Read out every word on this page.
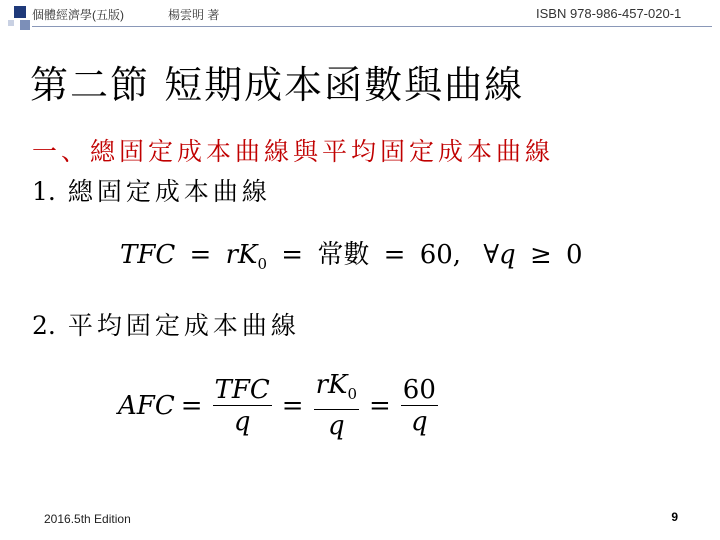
個體經濟學(五版)	楊雲明 著	ISBN 978-986-457-020-1
第二節 短期成本函數與曲線
一、總固定成本曲線與平均固定成本曲線
1. 總固定成本曲線
TFC = $rK_0$ = 常數 = 60, ∀q ≥ 0
2. 平均固定成本曲線
AFC = $\frac{\text{TFC}}{q} = \frac{rK_0}{q} = \frac{60}{q}$
2016.5th Edition	9
